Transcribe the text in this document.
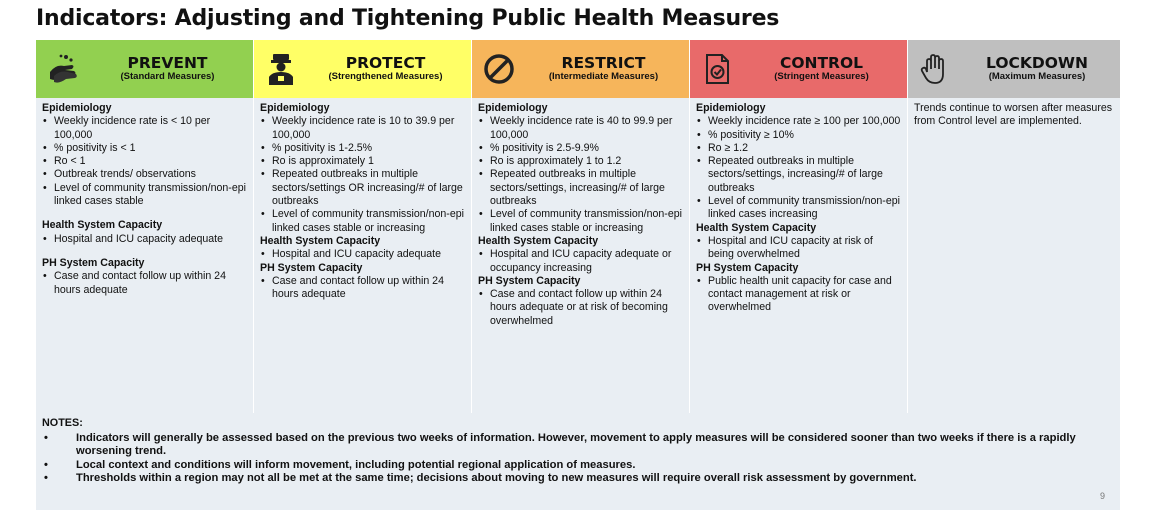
Indicators: Adjusting and Tightening Public Health Measures
PREVENT
(Standard Measures)
PROTECT
(Strengthened Measures)
RESTRICT
(Intermediate Measures)
CONTROL
(Stringent Measures)
LOCKDOWN
(Maximum Measures)
Epidemiology
• Weekly incidence rate is < 10 per 100,000
• % positivity is < 1
• Ro < 1
• Outbreak trends/ observations
• Level of community transmission/non-epi linked cases stable
Health System Capacity
• Hospital and ICU capacity adequate
PH System Capacity
• Case and contact follow up within 24 hours adequate
Epidemiology
• Weekly incidence rate is 10 to 39.9 per 100,000
• % positivity is 1-2.5%
• Ro is approximately 1
• Repeated outbreaks in multiple sectors/settings OR increasing/# of large outbreaks
• Level of community transmission/non-epi linked cases stable or increasing
Health System Capacity
• Hospital and ICU capacity adequate
PH System Capacity
• Case and contact follow up within 24 hours adequate
Epidemiology
• Weekly incidence rate is 40 to 99.9 per 100,000
• % positivity is 2.5-9.9%
• Ro is approximately 1 to 1.2
• Repeated outbreaks in multiple sectors/settings, increasing/# of large outbreaks
• Level of community transmission/non-epi linked cases stable or increasing
Health System Capacity
• Hospital and ICU capacity adequate or occupancy increasing
PH System Capacity
• Case and contact follow up within 24 hours adequate or at risk of becoming overwhelmed
Epidemiology
• Weekly incidence rate ≥ 100 per 100,000
• % positivity ≥ 10%
• Ro ≥ 1.2
• Repeated outbreaks in multiple sectors/settings, increasing/# of large outbreaks
• Level of community transmission/non-epi linked cases increasing
Health System Capacity
• Hospital and ICU capacity at risk of being overwhelmed
PH System Capacity
• Public health unit capacity for case and contact management at risk or overwhelmed
Trends continue to worsen after measures from Control level are implemented.
NOTES:
• Indicators will generally be assessed based on the previous two weeks of information. However, movement to apply measures will be considered sooner than two weeks if there is a rapidly worsening trend.
• Local context and conditions will inform movement, including potential regional application of measures.
• Thresholds within a region may not all be met at the same time; decisions about moving to new measures will require overall risk assessment by government.
9
